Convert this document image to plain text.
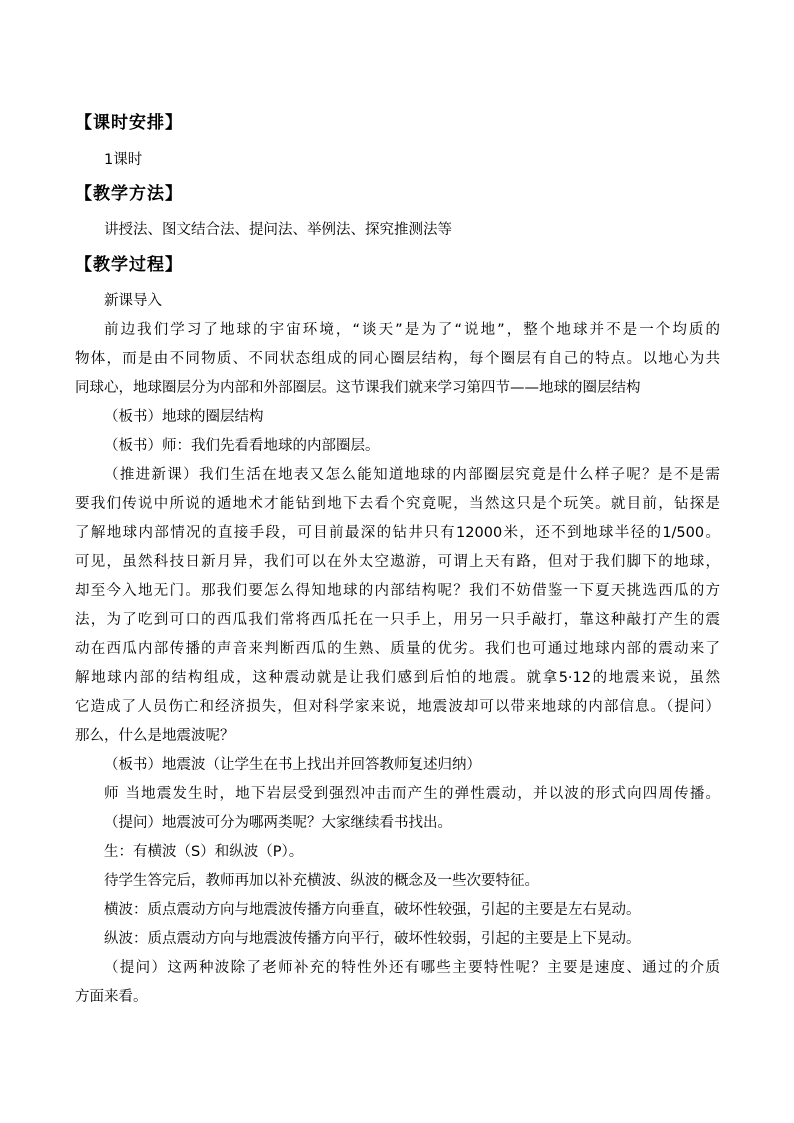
【课时安排】
1课时
【教学方法】
讲授法、图文结合法、提问法、举例法、探究推测法等
【教学过程】
新课导入
前边我们学习了地球的宇宙环境，“谈天”是为了“说地”，整个地球并不是一个均质的
物体，而是由不同物质、不同状态组成的同心圈层结构，每个圈层有自己的特点。以地心为共
同球心，地球圈层分为内部和外部圈层。这节课我们就来学习第四节——地球的圈层结构
（板书）地球的圈层结构
（板书）师：我们先看看地球的内部圈层。
（推进新课）我们生活在地表又怎么能知道地球的内部圈层究竟是什么样子呢？是不是需
要我们传说中所说的遁地术才能钻到地下去看个究竟呢，当然这只是个玩笑。就目前，钻探是
了解地球内部情况的直接手段，可目前最深的钻井只有12000米，还不到地球半径的1/500。
可见，虽然科技日新月异，我们可以在外太空遨游，可谓上天有路，但对于我们脚下的地球，
却至今入地无门。那我们要怎么得知地球的内部结构呢？我们不妨借鉴一下夏天挑选西瓜的方
法，为了吃到可口的西瓜我们常将西瓜托在一只手上，用另一只手敲打，靠这种敲打产生的震
动在西瓜内部传播的声音来判断西瓜的生熟、质量的优劣。我们也可通过地球内部的震动来了
解地球内部的结构组成，这种震动就是让我们感到后怕的地震。就拿5·12的地震来说，虽然
它造成了人员伤亡和经济损失，但对科学家来说，地震波却可以带来地球的内部信息。（提问）
那么，什么是地震波呢？
（板书）地震波（让学生在书上找出并回答教师复述归纳）
师 当地震发生时，地下岩层受到强烈冲击而产生的弹性震动，并以波的形式向四周传播。
（提问）地震波可分为哪两类呢？大家继续看书找出。
生：有横波（S）和纵波（P）。
待学生答完后，教师再加以补充横波、纵波的概念及一些次要特征。
横波：质点震动方向与地震波传播方向垂直，破坏性较强，引起的主要是左右晃动。
纵波：质点震动方向与地震波传播方向平行，破坏性较弱，引起的主要是上下晃动。
（提问）这两种波除了老师补充的特性外还有哪些主要特性呢？主要是速度、通过的介质
方面来看。
